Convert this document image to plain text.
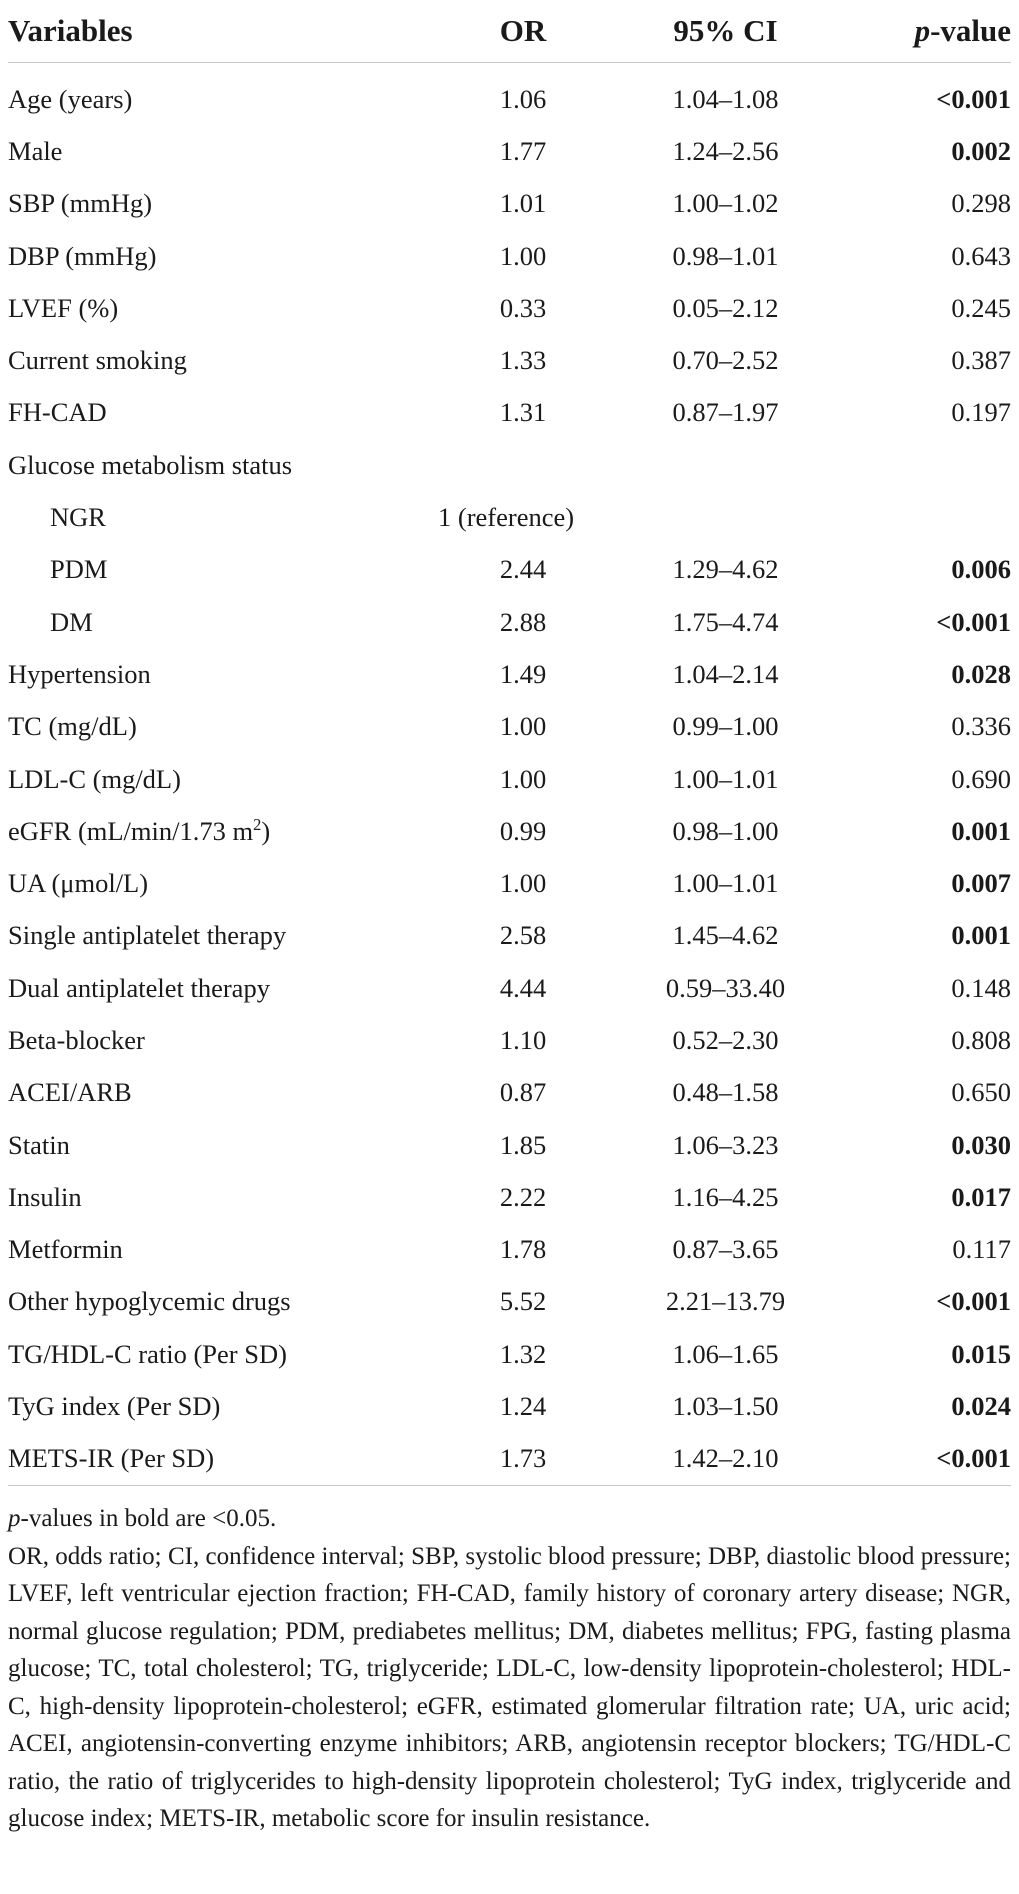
Variables	OR	95% CI	p-value

Age (years)	1.06	1.04–1.08	<0.001
Male	1.77	1.24–2.56	0.002
SBP (mmHg)	1.01	1.00–1.02	0.298
DBP (mmHg)	1.00	0.98–1.01	0.643
LVEF (%)	0.33	0.05–2.12	0.245
Current smoking	1.33	0.70–2.52	0.387
FH-CAD	1.31	0.87–1.97	0.197
Glucose metabolism status			
NGR	1 (reference)		
PDM	2.44	1.29–4.62	0.006
DM	2.88	1.75–4.74	<0.001
Hypertension	1.49	1.04–2.14	0.028
TC (mg/dL)	1.00	0.99–1.00	0.336
LDL-C (mg/dL)	1.00	1.00–1.01	0.690
eGFR (mL/min/1.73 $m^2$)	0.99	0.98–1.00	0.001
UA (μmol/L)	1.00	1.00–1.01	0.007
Single antiplatelet therapy	2.58	1.45–4.62	0.001
Dual antiplatelet therapy	4.44	0.59–33.40	0.148
Beta-blocker	1.10	0.52–2.30	0.808
ACEI/ARB	0.87	0.48–1.58	0.650
Statin	1.85	1.06–3.23	0.030
Insulin	2.22	1.16–4.25	0.017
Metformin	1.78	0.87–3.65	0.117
Other hypoglycemic drugs	5.52	2.21–13.79	<0.001
TG/HDL-C ratio (Per SD)	1.32	1.06–1.65	0.015
TyG index (Per SD)	1.24	1.03–1.50	0.024
METS-IR (Per SD)	1.73	1.42–2.10	<0.001

p-values in bold are <0.05.

OR, odds ratio; CI, confidence interval; SBP, systolic blood pressure; DBP, diastolic blood pressure; LVEF, left ventricular ejection fraction; FH-CAD, family history of coronary artery disease; NGR, normal glucose regulation; PDM, prediabetes mellitus; DM, diabetes mellitus; FPG, fasting plasma glucose; TC, total cholesterol; TG, triglyceride; LDL-C, low-density lipoprotein-cholesterol; HDL-C, high-density lipoprotein-cholesterol; eGFR, estimated glomerular filtration rate; UA, uric acid; ACEI, angiotensin-converting enzyme inhibitors; ARB, angiotensin receptor blockers; TG/HDL-C ratio, the ratio of triglycerides to high-density lipoprotein cholesterol; TyG index, triglyceride and glucose index; METS-IR, metabolic score for insulin resistance.
